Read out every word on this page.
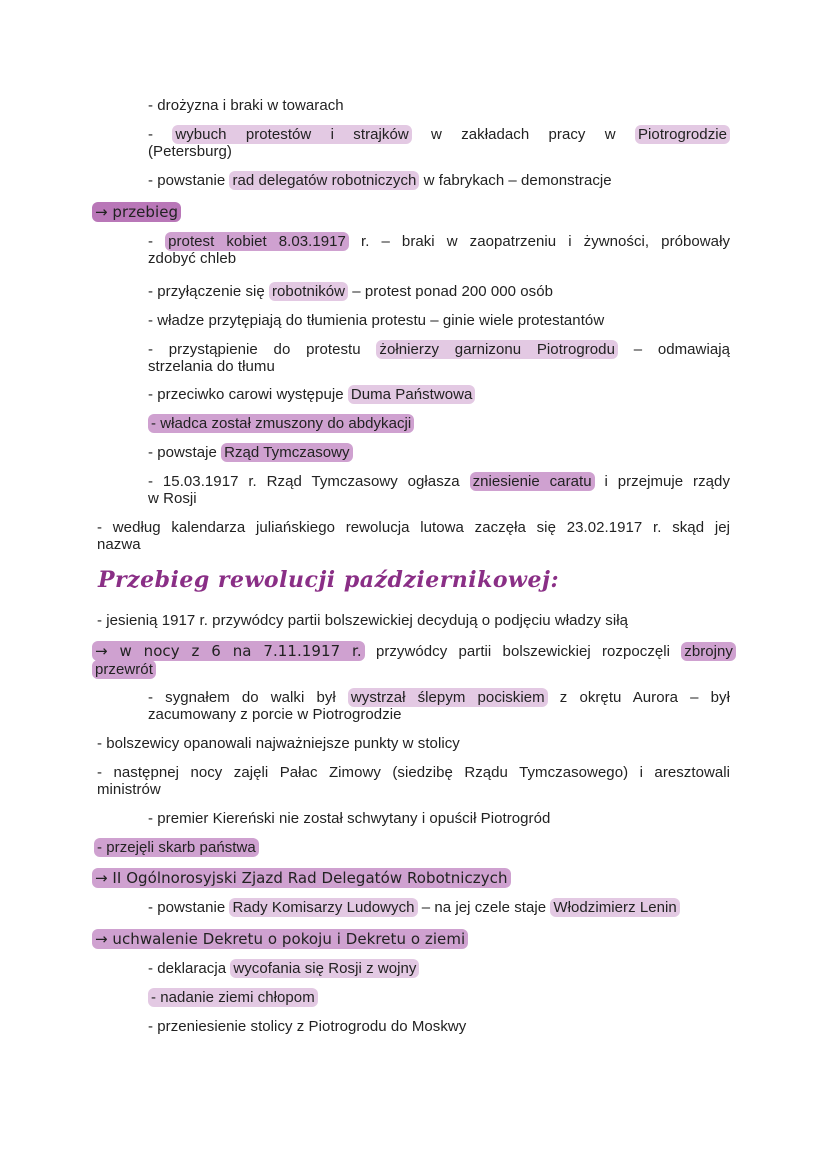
- drożyzna i braki w towarach
- wybuch protestów i strajków w zakładach pracy w Piotrogrodzie
(Petersburg)
- powstanie rad delegatów robotniczych w fabrykach – demonstracje
→ przebieg
- protest kobiet 8.03.1917 r. – braki w zaopatrzeniu i żywności, próbowały
zdobyć chleb
- przyłączenie się robotników – protest ponad 200 000 osób
- władze przytępiają do tłumienia protestu – ginie wiele protestantów
- przystąpienie do protestu żołnierzy garnizonu Piotrogrodu – odmawiają
strzelania do tłumu
- przeciwko carowi występuje Duma Państwowa
- władca został zmuszony do abdykacji
- powstaje Rząd Tymczasowy
- 15.03.1917 r. Rząd Tymczasowy ogłasza zniesienie caratu i przejmuje rządy
w Rosji
- według kalendarza juliańskiego rewolucja lutowa zaczęła się 23.02.1917 r. skąd jej
nazwa
Przebieg rewolucji październikowej:
- jesienią 1917 r. przywódcy partii bolszewickiej decydują o podjęciu władzy siłą
→ w nocy z 6 na 7.11.1917 r. przywódcy partii bolszewickiej rozpoczęli zbrojny
przewrót
- sygnałem do walki był wystrzał ślepym pociskiem z okrętu Aurora – był
zacumowany z porcie w Piotrogrodzie
- bolszewicy opanowali najważniejsze punkty w stolicy
- następnej nocy zajęli Pałac Zimowy (siedzibę Rządu Tymczasowego) i aresztowali
ministrów
- premier Kiereński nie został schwytany i opuścił Piotrogród
- przejęli skarb państwa
→ II Ogólnorosyjski Zjazd Rad Delegatów Robotniczych
- powstanie Rady Komisarzy Ludowych – na jej czele staje Włodzimierz Lenin
→ uchwalenie Dekretu o pokoju i Dekretu o ziemi
- deklaracja wycofania się Rosji z wojny
- nadanie ziemi chłopom
- przeniesienie stolicy z Piotrogrodu do Moskwy
